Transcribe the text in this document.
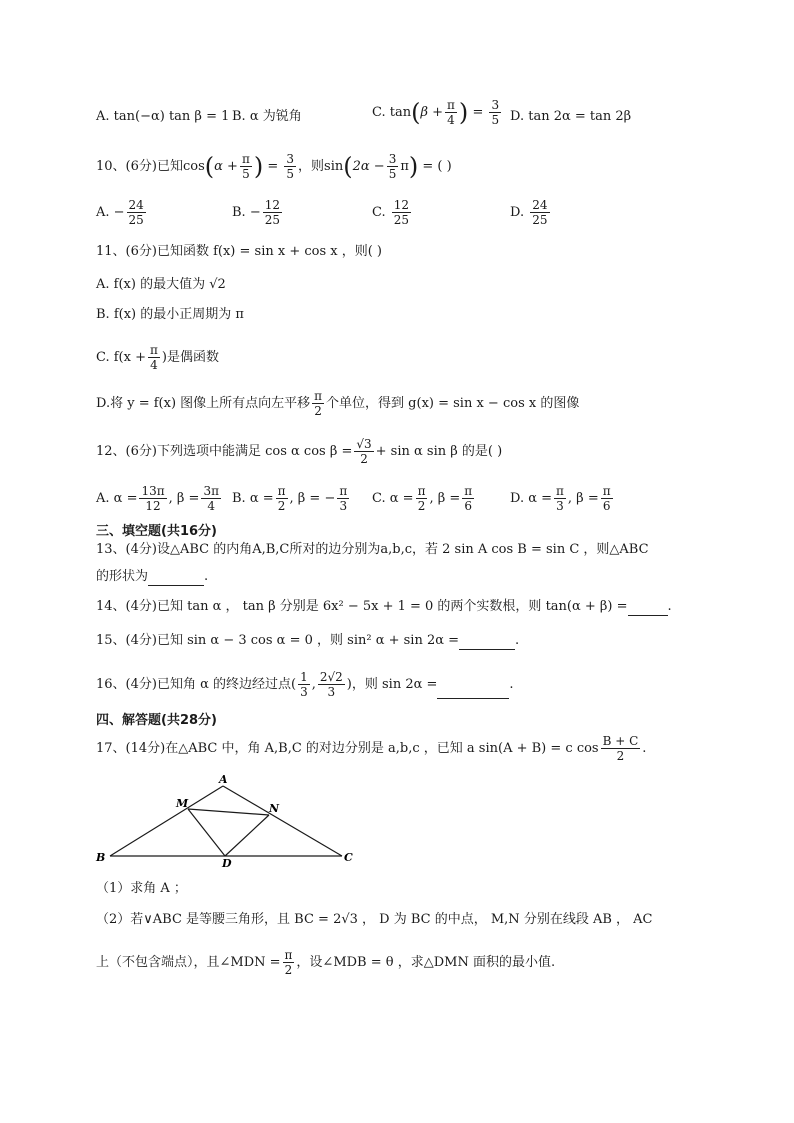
A. tan(−α) tan β = 1 B. α 为锐角	C. $\tan(\beta + \frac{\pi}{4}$ ) = $\frac{3}{5} D$. tan 2α = tan 2β
10、(6分)已知$\cos(\alpha + \frac{\pi}{5}$ ) = $\frac{3}{5}$ ，则$\sin(2\alpha - \frac{3}{5} \pi)$ = ( )
A. − $\frac{24}{25}$	B. − $\frac{12}{25}$	C. $\frac{12}{25}$	D. $\frac{24}{25}$
11、(6分)已知函数 f(x) = sin x + cos x ，则( )
A. f(x) 的最大值为 √2
B. f(x) 的最小正周期为 π
C. $f(x + \frac{\pi}{4}$ )是偶函数
D.将 y = f(x) 图像上所有点向左平移 $\frac{\pi}{2}$ 个单位，得到 g(x) = sin x − cos x 的图像
12、(6分)下列选项中能满足 cos α $\cos \beta = \frac{√3}{2} + \sin \alpha$ sin β 的是( )
A. $\alpha = \frac{13\pi}{12}$ , $\beta = \frac{3\pi}{4} B$. $\alpha = \frac{\pi}{2}$ , β = − $\frac{\pi}{3} C$. $\alpha = \frac{\pi}{2}$ , $\beta = \frac{\pi}{6}$	D. $\alpha = \frac{\pi}{3}$ , $\beta = \frac{\pi}{6}$
三、填空题(共16分)
13、(4分)设△ABC 的内角A,B,C所对的边分别为a,b,c，若 2 sin A cos B = sin C ，则△ABC
的形状为	.
14、(4分)已知 tan α ， tan β 分别是 6x² − 5x + 1 = 0 的两个实数根，则 tan(α + β) =	.
15、(4分)已知 sin α − 3 cos α = 0 ，则 sin² α + sin 2α =	.
16、(4分)已知角 α 的终边经过点( $\frac{1}{3}$ , $\frac{2√2}{3}$ )，则 sin 2α =	.
四、解答题(共28分)
17、(14分)在△ABC 中，角 A,B,C 的对边分别是 a,b,c ，已知 a sin(A + B) = c $\cos \frac{B + C}{2}$ .
A
B	C
D
M	N
（1）求角 A ；
（2）若∨ABC 是等腰三角形，且 BC = 2√3 ， D 为 BC 的中点， M,N 分别在线段 AB ， AC
上（不包含端点），且∠MDN = $\frac{\pi}{2}$ ，设∠MDB = θ ，求△DMN 面积的最小值.
